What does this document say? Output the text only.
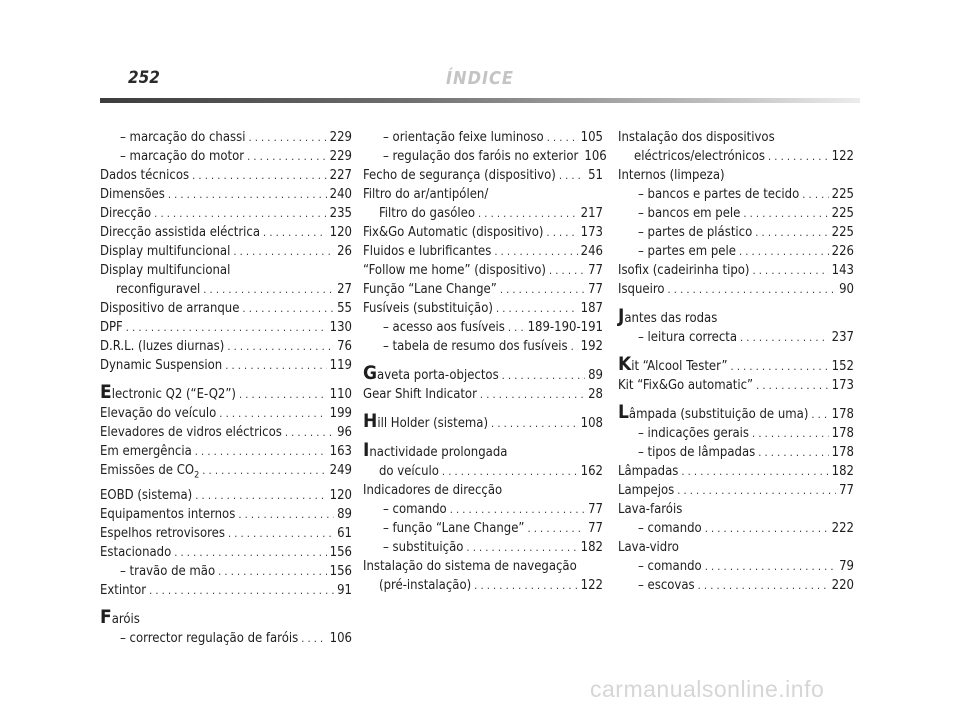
252	ÍNDICE
– marcação do chassi . . .	229
– marcação do motor . . .	229
Dados técnicos . . .	227
Dimensões . . .	240
Direcção . . .	235
Direcção assistida eléctrica . . .	120
Display multifuncional . . .	26
Display multifuncional
reconfiguravel . . .	27
Dispositivo de arranque . . .	55
DPF . . .	130
D.R.L. (luzes diurnas) . . .	76
Dynamic Suspension . . .	119
Electronic Q2 (“E-Q2”) . . .	110
Elevação do veículo . . .	199
Elevadores de vidros eléctricos . . .	96
Em emergência . . .	163
Emissões de $CO_2$ . . .	249
EOBD (sistema) . . .	120
Equipamentos internos . . .	89
Espelhos retrovisores . . .	61
Estacionado . . .	156
– travão de mão . . .	156
Extintor . . .	91
Faróis
– corrector regulação de faróis . . . 106
– orientação feixe luminoso . . .	105
– regulação dos faróis no exterior 106
Fecho de segurança (dispositivo) . . . 51
Filtro do ar/antipólen/
Filtro do gasóleo . . .	217
Fix&Go Automatic (dispositivo) . . .	173
Fluidos e lubrificantes . . .	246
“Follow me home” (dispositivo) . . .	77
Função “Lane Change” . . .	77
Fusíveis (substituição) . . .	187
– acesso aos fusíveis . . . 189-190-191
– tabela de resumo dos fusíveis . . . 192
Gaveta porta-objectos . . .	89
Gear Shift Indicator . . .	28
Hill Holder (sistema) . . .	108
Inactividade prolongada
do veículo . . .	162
Indicadores de direcção
– comando . . .	77
– função “Lane Change” . . .	77
– substituição . . .	182
Instalação do sistema de navegação
(pré-instalação) . . .	122
Instalação dos dispositivos
eléctricos/electrónicos . . .	122
Internos (limpeza)
– bancos e partes de tecido . . . 225
– bancos em pele . . .	225
– partes de plástico . . .	225
– partes em pele . . .	226
Isofix (cadeirinha tipo) . . .	143
Isqueiro . . .	90
Jantes das rodas
– leitura correcta . . .	237
Kit “Alcool Tester” . . .	152
Kit “Fix&Go automatic” . . .	173
Lâmpada (substituição de uma) . . . 178
– indicações gerais . . .	178
– tipos de lâmpadas . . .	178
Lâmpadas . . .	182
Lampejos . . .	77
Lava-faróis
– comando . . .	222
Lava-vidro
– comando . . .	79
– escovas . . .	220
carmanualsonline.info
